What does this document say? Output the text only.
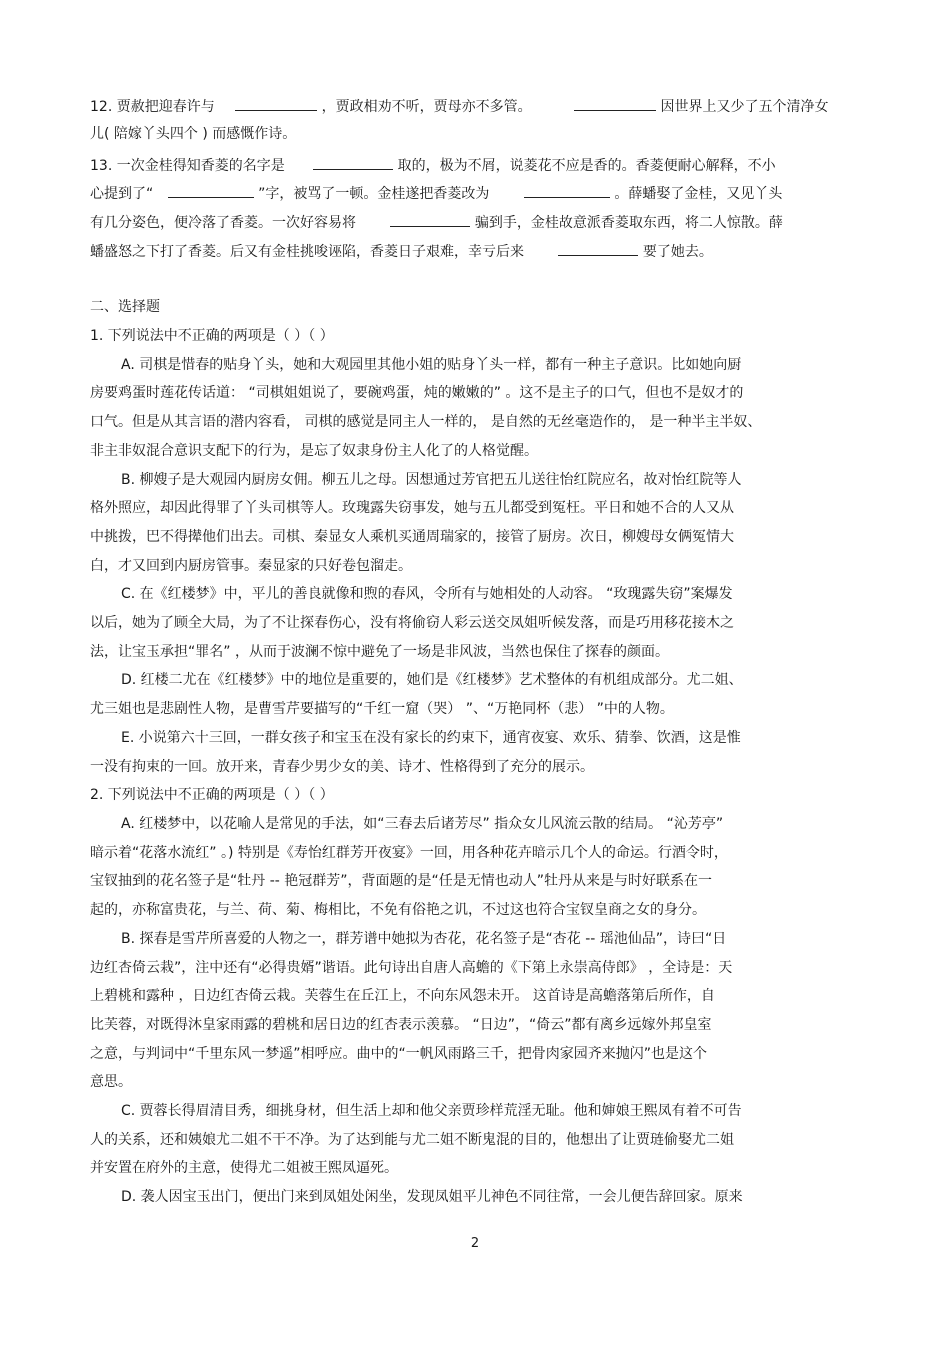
12. 贾赦把迎春许与	，贾政相劝不听，贾母亦不多管。	因世界上又少了五个清净女
儿( 陪嫁丫头四个 ) 而感慨作诗。
13. 一次金桂得知香菱的名字是	取的，极为不屑，说菱花不应是香的。香菱便耐心解释，不小
心提到了“	”字，被骂了一顿。金桂遂把香菱改为	。薛蟠娶了金桂，又见丫头
有几分姿色，便冷落了香菱。一次好容易将	骗到手，金桂故意派香菱取东西，将二人惊散。薛
蟠盛怒之下打了香菱。后又有金桂挑唆诬陷，香菱日子艰难，幸亏后来	要了她去。
二、选择题
1. 下列说法中不正确的两项是（ ）（ ）
A. 司棋是惜春的贴身丫头，她和大观园里其他小姐的贴身丫头一样，都有一种主子意识。比如她向厨
房要鸡蛋时莲花传话道： “司棋姐姐说了，要碗鸡蛋，炖的嫩嫩的” 。这不是主子的口气，但也不是奴才的
口气。但是从其言语的潜内容看， 司棋的感觉是同主人一样的， 是自然的无丝毫造作的， 是一种半主半奴、
非主非奴混合意识支配下的行为，是忘了奴隶身份主人化了的人格觉醒。
B. 柳嫂子是大观园内厨房女佣。柳五儿之母。因想通过芳官把五儿送往怡红院应名，故对怡红院等人
格外照应，却因此得罪了丫头司棋等人。玫瑰露失窃事发，她与五儿都受到冤枉。平日和她不合的人又从
中挑拨，巴不得撵他们出去。司棋、秦显女人乘机买通周瑞家的，接管了厨房。次日，柳嫂母女俩冤情大
白，才又回到内厨房管事。秦显家的只好卷包溜走。
C. 在《红楼梦》中，平儿的善良就像和煦的春风，令所有与她相处的人动容。 “玫瑰露失窃”案爆发
以后，她为了顾全大局，为了不让探春伤心，没有将偷窃人彩云送交凤姐听候发落，而是巧用移花接木之
法，让宝玉承担“罪名” ，从而于波澜不惊中避免了一场是非风波，当然也保住了探春的颜面。
D. 红楼二尤在《红楼梦》中的地位是重要的，她们是《红楼梦》艺术整体的有机组成部分。尤二姐、
尤三姐也是悲剧性人物，是曹雪芹要描写的“千红一窟（哭） ”、“万艳同杯（悲） ”中的人物。
E. 小说第六十三回，一群女孩子和宝玉在没有家长的约束下，通宵夜宴、欢乐、猜拳、饮酒，这是惟
一没有拘束的一回。放开来，青春少男少女的美、诗才、性格得到了充分的展示。
2. 下列说法中不正确的两项是（ ）（ ）
A. 红楼梦中，以花喻人是常见的手法，如“三春去后诸芳尽” 指众女儿风流云散的结局。 “沁芳亭”
暗示着“花落水流红” 。) 特别是《寿怡红群芳开夜宴》一回，用各种花卉暗示几个人的命运。行酒令时，
宝钗抽到的花名签子是“牡丹 -- 艳冠群芳”，背面题的是“任是无情也动人”牡丹从来是与时好联系在一
起的，亦称富贵花，与兰、荷、菊、梅相比，不免有俗艳之讥，不过这也符合宝钗皇商之女的身分。
B. 探春是雪芹所喜爱的人物之一，群芳谱中她拟为杏花，花名签子是“杏花 -- 瑶池仙品”，诗曰“日
边红杏倚云栽”，注中还有“必得贵婿”谐语。此句诗出自唐人高蟾的《下第上永崇高侍郎》 ，全诗是：天
上碧桃和露种 ，日边红杏倚云栽。芙蓉生在丘江上，不向东风怨未开。 这首诗是高蟾落第后所作，自
比芙蓉，对既得沐皇家雨露的碧桃和居日边的红杏表示羡慕。 “日边”，“倚云”都有离乡远嫁外邦皇室
之意，与判词中“千里东风一梦遥”相呼应。曲中的“一帆风雨路三千，把骨肉家园齐来抛闪”也是这个
意思。
C. 贾蓉长得眉清目秀，细挑身材，但生活上却和他父亲贾珍样荒淫无耻。他和婶娘王熙凤有着不可告
人的关系，还和姨娘尤二姐不干不净。为了达到能与尤二姐不断鬼混的目的，他想出了让贾琏偷娶尤二姐
并安置在府外的主意，使得尤二姐被王熙凤逼死。
D. 袭人因宝玉出门，便出门来到凤姐处闲坐，发现凤姐平儿神色不同往常，一会儿便告辞回家。原来
2
